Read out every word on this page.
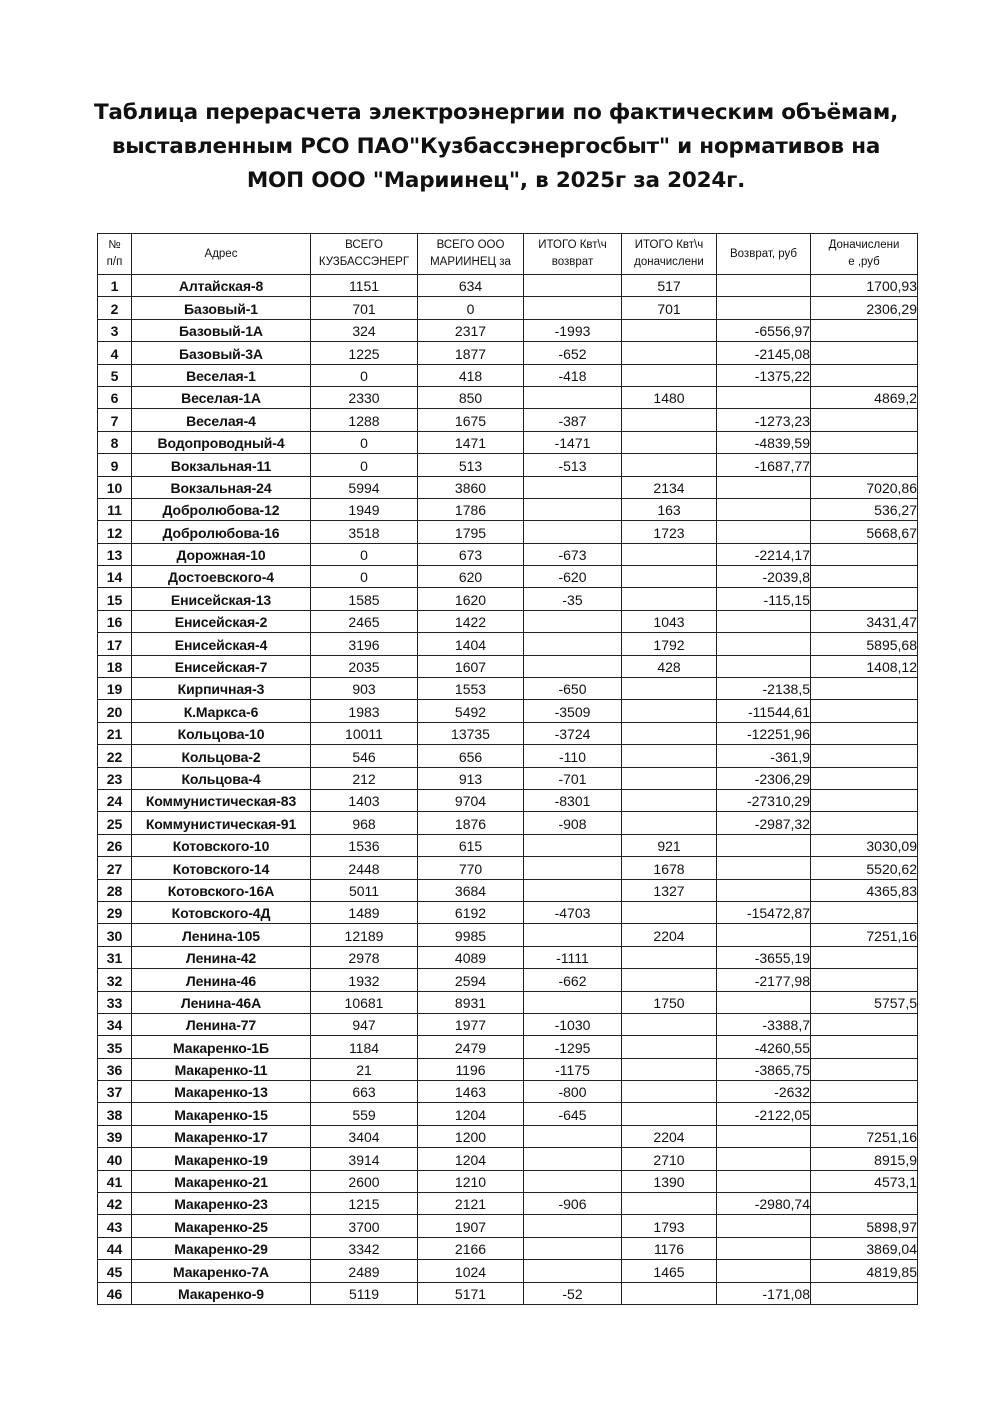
Таблица перерасчета электроэнергии по фактическим объёмам,
выставленным РСО ПАО"Кузбассэнергосбыт" и нормативов на
МОП ООО "Мариинец", в 2025г за 2024г.
№
п/п	Адрес	ВСЕГО
КУЗБАССЭНЕРГ	ВСЕГО ООО
МАРИИНЕЦ за	ИТОГО Квт\ч
возврат	ИТОГО Квт\ч
доначислени	Возврат, руб	Доначислени
е ,руб

1	Алтайская-8	1151	634		517		1700,93
2	Базовый-1	701	0		701		2306,29
3	Базовый-1А	324	2317	-1993		-6556,97	
4	Базовый-3А	1225	1877	-652		-2145,08	
5	Веселая-1	0	418	-418		-1375,22	
6	Веселая-1А	2330	850		1480		4869,2
7	Веселая-4	1288	1675	-387		-1273,23	
8	Водопроводный-4	0	1471	-1471		-4839,59	
9	Вокзальная-11	0	513	-513		-1687,77	
10	Вокзальная-24	5994	3860		2134		7020,86
11	Добролюбова-12	1949	1786		163		536,27
12	Добролюбова-16	3518	1795		1723		5668,67
13	Дорожная-10	0	673	-673		-2214,17	
14	Достоевского-4	0	620	-620		-2039,8	
15	Енисейская-13	1585	1620	-35		-115,15	
16	Енисейская-2	2465	1422		1043		3431,47
17	Енисейская-4	3196	1404		1792		5895,68
18	Енисейская-7	2035	1607		428		1408,12
19	Кирпичная-3	903	1553	-650		-2138,5	
20	К.Маркса-6	1983	5492	-3509		-11544,61	
21	Кольцова-10	10011	13735	-3724		-12251,96	
22	Кольцова-2	546	656	-110		-361,9	
23	Кольцова-4	212	913	-701		-2306,29	
24	Коммунистическая-83	1403	9704	-8301		-27310,29	
25	Коммунистическая-91	968	1876	-908		-2987,32	
26	Котовского-10	1536	615		921		3030,09
27	Котовского-14	2448	770		1678		5520,62
28	Котовского-16А	5011	3684		1327		4365,83
29	Котовского-4Д	1489	6192	-4703		-15472,87	
30	Ленина-105	12189	9985		2204		7251,16
31	Ленина-42	2978	4089	-1111		-3655,19	
32	Ленина-46	1932	2594	-662		-2177,98	
33	Ленина-46А	10681	8931		1750		5757,5
34	Ленина-77	947	1977	-1030		-3388,7	
35	Макаренко-1Б	1184	2479	-1295		-4260,55	
36	Макаренко-11	21	1196	-1175		-3865,75	
37	Макаренко-13	663	1463	-800		-2632	
38	Макаренко-15	559	1204	-645		-2122,05	
39	Макаренко-17	3404	1200		2204		7251,16
40	Макаренко-19	3914	1204		2710		8915,9
41	Макаренко-21	2600	1210		1390		4573,1
42	Макаренко-23	1215	2121	-906		-2980,74	
43	Макаренко-25	3700	1907		1793		5898,97
44	Макаренко-29	3342	2166		1176		3869,04
45	Макаренко-7А	2489	1024		1465		4819,85
46	Макаренко-9	5119	5171	-52		-171,08	
